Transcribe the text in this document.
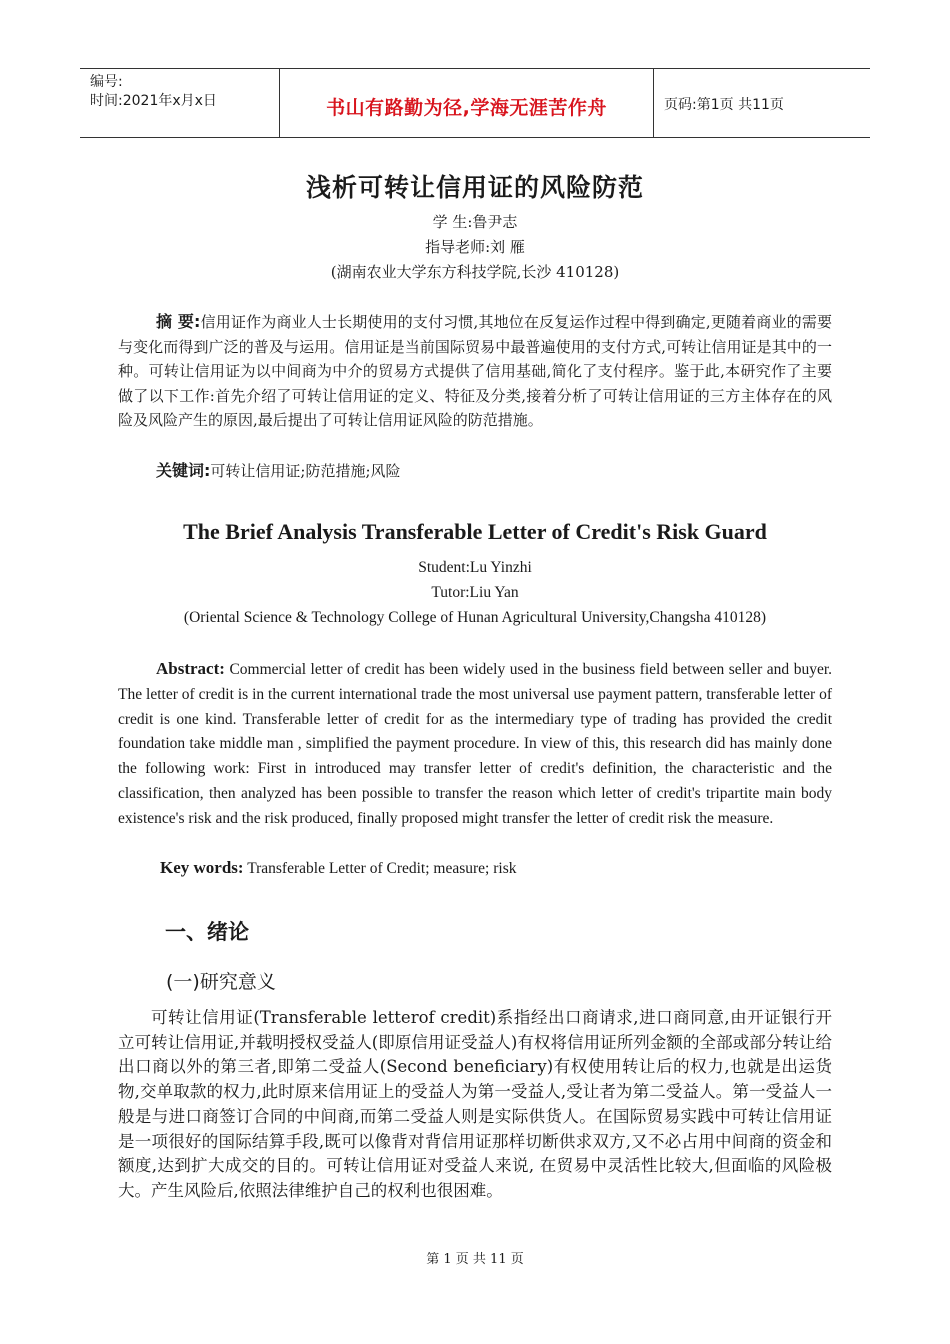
编号:
时间:2021年x月x日	书山有路勤为径,学海无涯苦作舟	页码:第1页 共11页
浅析可转让信用证的风险防范
学 生:鲁尹志
指导老师:刘 雁
(湖南农业大学东方科技学院,长沙 410128)
摘 要:信用证作为商业人士长期使用的支付习惯,其地位在反复运作过程中得到确定,更随着商业的需要与变化而得到广泛的普及与运用。信用证是当前国际贸易中最普遍使用的支付方式,可转让信用证是其中的一种。可转让信用证为以中间商为中介的贸易方式提供了信用基础,简化了支付程序。鉴于此,本研究作了主要做了以下工作:首先介绍了可转让信用证的定义、特征及分类,接着分析了可转让信用证的三方主体存在的风险及风险产生的原因,最后提出了可转让信用证风险的防范措施。
关键词:可转让信用证;防范措施;风险
The Brief Analysis Transferable Letter of Credit's Risk Guard
Student:Lu Yinzhi
Tutor:Liu Yan
(Oriental Science & Technology College of Hunan Agricultural University,Changsha 410128)
Abstract: Commercial letter of credit has been widely used in the business field between seller and buyer. The letter of credit is in the current international trade the most universal use payment pattern, transferable letter of credit is one kind. Transferable letter of credit for as the intermediary type of trading has provided the credit foundation take middle man , simplified the payment procedure. In view of this, this research did has mainly done the following work: First in introduced may transfer letter of credit's definition, the characteristic and the classification, then analyzed has been possible to transfer the reason which letter of credit's tripartite main body existence's risk and the risk produced, finally proposed might transfer the letter of credit risk the measure.
Key words: Transferable Letter of Credit; measure; risk
一、绪论
(一)研究意义
可转让信用证(Transferable letterof credit)系指经出口商请求,进口商同意,由开证银行开立可转让信用证,并载明授权受益人(即原信用证受益人)有权将信用证所列金额的全部或部分转让给出口商以外的第三者,即第二受益人(Second beneficiary)有权使用转让后的权力,也就是出运货物,交单取款的权力,此时原来信用证上的受益人为第一受益人,受让者为第二受益人。第一受益人一般是与进口商签订合同的中间商,而第二受益人则是实际供货人。在国际贸易实践中可转让信用证是一项很好的国际结算手段,既可以像背对背信用证那样切断供求双方,又不必占用中间商的资金和额度,达到扩大成交的目的。可转让信用证对受益人来说, 在贸易中灵活性比较大,但面临的风险极大。产生风险后,依照法律维护自己的权利也很困难。
第 1 页 共 11 页
